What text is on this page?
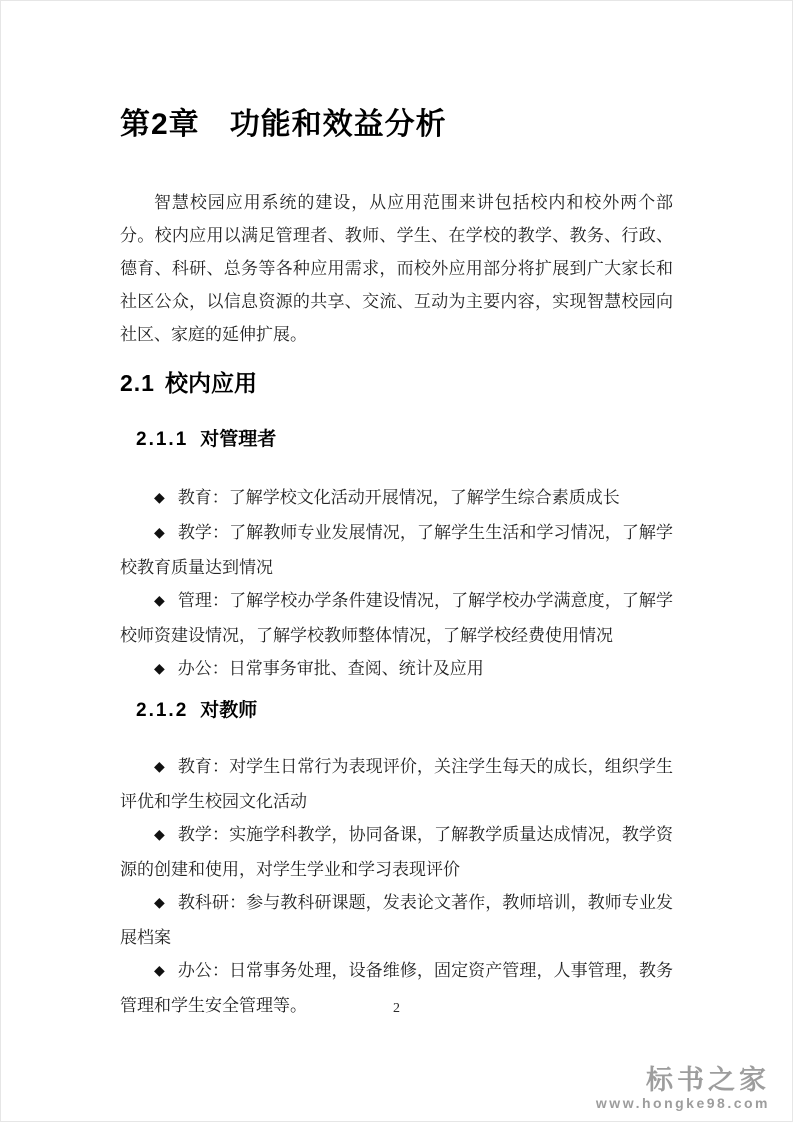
第2章 功能和效益分析

智慧校园应用系统的建设，从应用范围来讲包括校内和校外两个部分。校内应用以满足管理者、教师、学生、在学校的教学、教务、行政、德育、科研、总务等各种应用需求，而校外应用部分将扩展到广大家长和社区公众，以信息资源的共享、交流、互动为主要内容，实现智慧校园向社区、家庭的延伸扩展。

2.1 校内应用
2.1.1 对管理者

◆ 教育：了解学校文化活动开展情况，了解学生综合素质成长

◆ 教学：了解教师专业发展情况，了解学生生活和学习情况，了解学校教育质量达到情况

◆ 管理：了解学校办学条件建设情况，了解学校办学满意度，了解学校师资建设情况，了解学校教师整体情况，了解学校经费使用情况

◆ 办公：日常事务审批、查阅、统计及应用

2.1.2 对教师

◆ 教育：对学生日常行为表现评价，关注学生每天的成长，组织学生评优和学生校园文化活动

◆ 教学：实施学科教学，协同备课，了解教学质量达成情况，教学资源的创建和使用，对学生学业和学习表现评价

◆ 教科研：参与教科研课题，发表论文著作，教师培训，教师专业发展档案

◆ 办公：日常事务处理，设备维修，固定资产管理，人事管理，教务管理和学生安全管理等。	2
标书之家
www.hongke98.com
